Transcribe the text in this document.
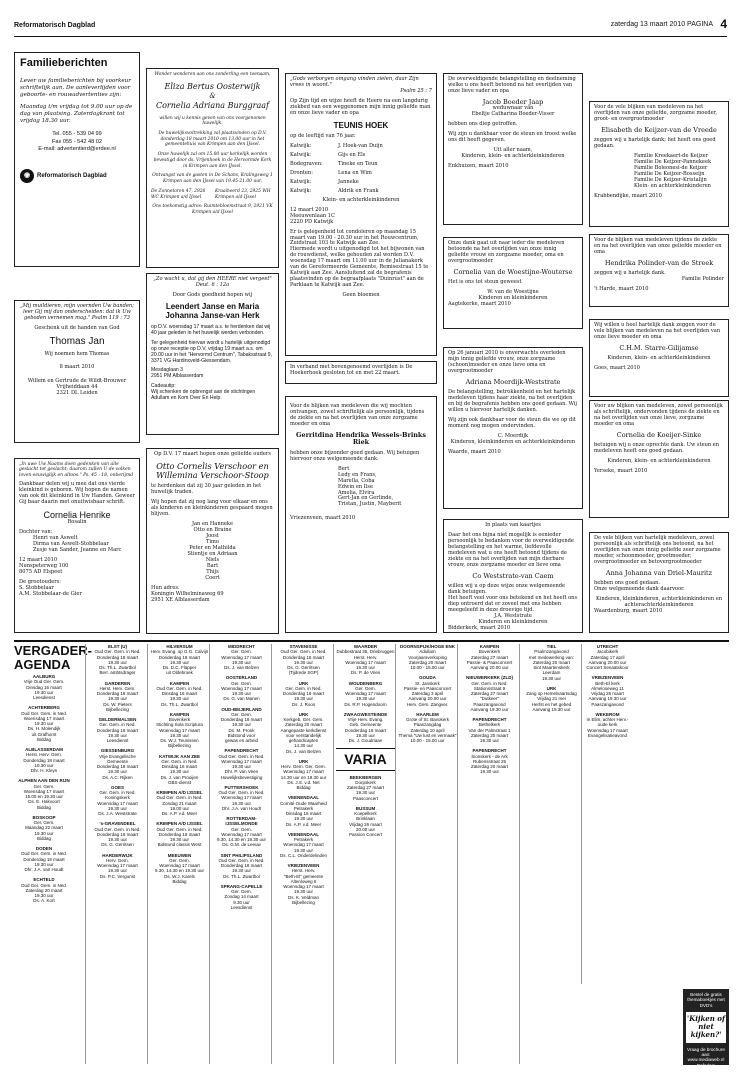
Reformatorisch Dagblad	zaterdag 13 maart 2010 PAGINA 4
Familieberichten

Lever uw familieberichten bij voorkeur schriftelijk aan. De aanleverlijden voor geboorte- en rouwadvertenties zijn:

Maandag t/m vrijdag tot 9.00 uur op de dag van plaatsing. Zaterdagkrant tot vrijdag 18.30 uur.

Tel. 055 - 539 04 99

Fax 055 - 542 48 02

E-mail: advertentierd@erdee.nl

◉	Reformatorisch Dagblad

Wonder wonderen aan ons zonderling een toenaam,

Eliza Bertus Oosterwijk

&

Cornelia Adriana Burggraaf

willen wij u kennis geven van ons voorgenomen huwelijk.

De huwelijksvoltrekking zal plaatsvinden op D.V. donderdag 18 maart 2010 om 13.00 uur in het gemeentehuis van Krimpen aan den IJssel.

Onze huwelijk zal om 15.00 uur kerkelijk worden bevestigd door ds. Vrijenhoek in de Hervormde Kerk in Krimpen aan den IJssel.

Ontvangst van de gasten in De Schans, Kralingsweg 1 Krimpen aan den IJssel van 19.45-21.00 uur.

De Zonnetoren 47, 2926 WC Krimpen a/d IJssel

Kraaiheerd 23, 2925 WH Krimpen a/d IJssel

Ons toekomstig adres: Ruimtebloemstraat 9, 2921 VK Krimpen a/d IJssel

„Zo wacht u, dat gij den HEERE niet vergeet" Deut. 6 : 12a

Door Gods goedheid hopen wij

Leendert Janse en Maria Johanna Janse-van Herk

op D.V. woensdag 17 maart a.s. te herdenken dat wij 40 jaar geleden in het huwelijk werden verbonden.

Ter gelegenheid hiervan wordt u hartelijk uitgenodigd op onze receptie op D.V. vrijdag 19 maart a.s. om 20.00 uur in het "Hervormd Centrum", Tabaksstraat 9, 3371 VG Hardinxveld-Giessendam.

Mesdaglaan 3
2951 PM Alblasserdam

Cadeautip:

Wij schenken de opbrengst aan de stichtingen Adullam en Kom Over En Help.

„Mij muildieren, mijn voernden Uw banden; leer Gij mij dan onderscheiden: dat ik Uw geboden vernemen mag." Psalm 119 : 73

Geschenk uit de handen van God

Thomas Jan

Wij noemen hem Thomas

8 maart 2010

Willem en Gertrude de Wildt-Brouwer

Vrijheiddaan 44
2321 DL Leiden

„In uwe Uw Naams doen gedenken van alle geslacht tot geslacht; daarom zullen U de volken loven eeuwiglijk en altoos." Ps. 45 : 18, onberijmd

Dankbaar delen wij u mee dat ons vierde kleinkind is geboren. Wij hopen de namen van ook dit kleinkind in Uw Handen. Geweer Gij baar daarin met onuitwisbaar schrift.

Cornelia Henrike

Rosalin

Dochter van:

Henri van Aswelt

Dirma van Aswelt-Stobbelaar

Zusje van Sander, Jeanne en Marc

12 maart 2010

Nunspeterweg 100
8075 AD Elspeet

De grootouders:

S. Stobbelaar

A.M. Stobbelaar-de Gier

Op D.V. 17 maart hopen onze geliefde ouders

Otto Cornelis Verschoor en Willemina Verschoor-Stoop

te herdenken dat zij 30 jaar geleden in het huwelijk traden.

Wij hopen dat zij nog lang voor elkaar en ons als kinderen en kleinkinderen gespaard mogen blijven.

Jan en Hanneke

Otto en Braine

Joost

Timo

Peter en Mathilda

Stientje en Adriaan

Niels

Bart

Thijs

Coert

Hun adres:
Koningin Wilhelminaweg 69
2951 XE Alblasserdam

„Gods verborgen omgang vinden zielen, daar Zijn vrees in woont."

Psalm 25 : 7

Op Zijn tijd en wijze heeft de Heere na een langdurig ziekbed van een weggenomen mijn innig geliefde man en onze lieve vader en opa

TEUNIS HOEK

op de leeftijd van 76 jaar.

Katwijk:	J. Hoek-van Duijn
Katwijk:	Gijs en Els
Bodegraven:	Tineke en Teun
Dronten:	Lena en Wim
Katwijk:	Janneke
Katwijk:	Aldrik en Frank

Klein- en achterkleinkinderen

12 maart 2010

Meeuwenlaan 1C
2220 PD Katwijk

Er is gelegenheid tot condoleren op maandag 15 maart van 19.00 - 20.30 uur in het Rouwcentrum, Zuidstraat 103 te Katwijk aan Zee.
Hiermede wordt u uitgenodigd tot het bijwonen van de rouwdienst, welke gehouden zal worden D.V. woensdag 17 maart om 11.00 uur in de Julianakerk van de Gereformeerde Gemeente, Remisestraat 15 te Katwijk aan Zee. Aansluitend zal de begrafenis plaatsvinden op de begraafplaats "Duinrust" aan de Parklaan te Katwijk aan Zee.

Geen bloemen

In verband met bovengenoemd overlijden is De Hoekerhoek gesloten tot en met 22 maart.

Voor de blijken van medeleven die wij mochten ontvangen, zowel schriftelijk als persoonlijk, tijdens de ziekte en na het overlijden van onze zorgzame moeder en oma

Gerritdina Hendrika Wessels-Brinks Riek

hebben onze bijzonder goed gedaan. Wij betuigen hiervoor onze welgemeende dank.

Bert

Ledy en Frans,

Marella, Coba

Edwin en Ilse

Amelia, Elvira

Gert-Jan en Gerlinde,

Tristan, Justin, Mayberit

Vriezenveen, maart 2010

De overweldigende belangstelling en deelneming welke u ons heeft betoond na het overlijden van onze lieve vader en opa

Jacob Boeder Jaap

weduwnaar van

Ebeltje Catharina Boeder-Visser

hebben ons diep getroffen.

Wij zijn u dankbaar voor de steun en troost welke ons dit heeft gegeven.

Uit aller naam,
Kinderen, klein- en achterkleinkinderen

Enkhuizen, maart 2010

Onze dank gaat uit naar ieder die medeleven betoonde na het overlijden van onze innig geliefde vrouw en zorgzame moeder, oma en overgrootmoeder

Cornelia van de Woestijne-Wouterse

Het is ons tot steun geweest

W. van de Woestijne

Kinderen en kleinkinderen

Aagtekerke, maart 2010

Op 26 januari 2010 is onverwachts overleden mijn innig geliefde vrouw, onze zorgzame (schoon)moeder en onze lieve oma en overgrootmoeder

Adriana Moerdijk-Weststrate

De belangstelling, betrokkenheid en het hartelijk medeleven tijdens haar ziekte, na het overlijden en bij de begrafenis hebben ons goed gedaan. Wij willen u hiervoor hartelijk danken.

Wij zijn ook dankbaar voor de steun die we op dit moment nog mogen ondervinden.

C. Moerdijk

Kinderen, kleinkinderen en achterkleinkinderen

Waarde, maart 2010

In plaats van kaartjes

Daar het ons bijna niet mogelijk is eenieder persoonlijk te bedanken voor de overweldigende belangstelling en het warme, liefdevolle medeleven wat u ons heeft betoond tijdens de ziekte en na het overlijden van mijn dierbare vrouw, onze zorgzame moeder en lieve oma

Co Weststrate-van Caem

willen wij u op deze wijze onze welgemeende dank betuigen.

Het heeft veel voor ons betekend en het heeft ons diep ontroerd dat er zoveel met ons hebben meegeleefd in deze droevige tijd.

J.A. Weststrate

Kinderen en kleinkinderen

Bidderkerk, maart 2010

Voor de vele blijken van medeleven na het overlijden van onze geliefde, zorgzame moeder, groot- en overgrootmoeder

Elisabeth de Keijzer-van de Vreede

zeggen wij u hartelijk dank; het heeft ons goed gedaan.

Familie Kreekaert-de Keijzer

Familie De Keijzer-Pannekeek

Familie Boleonesi-de Keijzer

Familie De Keijzer-Bosseijn

Familie De Keijzer-Kristalijn

Klein- en achterkleinkinderen

Krabbendijke, maart 2010

Voor de blijken van medeleven tijdens de ziekte en na het overlijden van onze geliefde moeder en oma

Hendrika Polinder-van de Streek

zeggen wij u hartelijk dank.

Familie Polinder

't Harde, maart 2010

Wij willen u heel hartelijk dank zeggen voor de vele blijken van medeleven na het overlijden van onze lieve moeder en oma

C.H.M. Starre-Gilijamse

Kinderen, klein- en achterkleinkinderen

Goes, maart 2010

Voor uw blijken van medeleven, zowel persoonlijk als schriftelijk, ondervonden tijdens de ziekte en na het overlijden van onze lieve, zorgzame moeder en oma

Cornelia de Koeijer-Sinke

betuigen wij u onze oprechte dank. Uw steun en medeleven heeft ons goed gedaan.

Kinderen, klein- en achterkleinkinderen

Yerseke, maart 2010

De vele blijken van hartelijk medeleven, zowel persoonlijk als schriftelijk ons betoond, na het overlijden van onze innig geliefde zeer zorgzame moeder, schoonmoeder, grootmoeder, overgrootmoeder en betovergrootmoeder

Anna Johanna van Driel-Mauritz

hebben ons goed gedaan.
Onze welgemeende dank daarvoor.

Kinderen, kleinkinderen, achterkleinkinderen en achterachterkleinkinderen

Waardenburg, maart 2010

VERGADER-AGENDA
AALBURG
Vrije Oud Ger. Gem.
Dinsdag 16 maart
19.30 uur
Leesdienst
ACHTERBERG
Oud Ger. Gem. in Ned.
Woensdag 17 maart
19.30 uur
Ds. H. Molendijk
uit Grafhorst
Biddag
ALBLASSERDAM
Herst. Herv. Gem.
Donderdag 18 maart
19.30 uur
Dhr. H. Kleyn
ALPHEN AAN DEN RIJN
Ger. Gem.
Woensdag 17 maart
15.00 en 19.30 uur
Ds. E. Hakvoort
Biddag
BOSKOOP
Ger. Gem.
Maandag 22 maart
19.30 uur
Biddag
DODEN
Oud Ger. Gem. in Ned.
Donderdag 18 maart
19.30 uur
Dhr. J.A. van Houdt
ECHTELD
Oud Ger. Gem. in Ned.
Zaterdag 20 maart
19.30 uur
Ds. A. Kort
ELST (U)
Oud Ger. Gem. in Ned.
Donderdag 18 maart
19.30 uur
Ds. Th.L. Zwartbol
Berr. ambtsdrager
GARDEREN
Herst. Herv. Gem.
Donderdag 18 maart
19.30 uur
Ds. W. Pieters
Bijbellezing
GELDERMALSEN
Ger. Gem. in Ned.
Donderdag 18 maart
19.30 uur
Leesdienst
GIESSENBURG
Vrije Evangelische Gemeente
Donderdag 18 maart
19.30 uur
Ds. A.C. Rijken
GOES
Ger. Gem. in Ned.
Koningskerk
Woensdag 17 maart
19.30 uur
Ds. J.A. Weststrate
's-GRAVENDEEL
Oud Ger. Gem. in Ned.
Donderdag 18 maart
19.30 uur
Ds. G. Gerritsen
HARDERWIJK
Herv. Gem.
Woensdag 17 maart
19.30 uur
Ds. P.C. Vergunst
HILVERSUM
Herv. Evang. op G.G. Calvijn
Donderdag 18 maart
19.30 uur
Ds. D.C. Flapper
uit Oldebroek
KAMPEN
Oud Ger. Gem. in Ned.
Dinsdag 16 maart
19.30 uur
Ds. Th.L. Zwartbol
KAMPEN
Bovenkerk
Stichting Sola Scriptura
Woensdag 17 maart
19.30 uur
Ds. W.J. Teunissen
Bijbellezing
KATWIJK AAN ZEE
Ger. Gem. in Ned.
Dinsdag 16 maart
19.30 uur
Ds. J. van Prooijen
GBS-dienst
KRIMPEN A/D IJSSEL
Oud Ger. Gem. in Ned.
Zondag 21 maart
19.00 uur
Ds. A.P. v.d. Meer
KRIMPEN A/D IJSSEL
Oud Ger. Gem. in Ned.
Donderdag 18 maart
19.30 uur
Bidstond classis West
MEEUWEN
Ger. Gem.
Woensdag 17 maart
9.30, 14.30 en 19.30 uur
Ds. W.J. Karels
Biddag
MIDDRECHT
Ger. Gem.
Woensdag 17 maart
19.30 uur
Ds. J. van Belzen
OOSTERLAND
Ger. Gem.
Woensdag 17 maart
19.30 uur
Ds. G. van Manen
OUD-BEIJERLAND
Ger. Gem.
Donderdag 18 maart
19.30 uur
Ds. M. Pronk
Bidstond voor
gewas en arbeid
PAPENDRECHT
Oud Ger. Gem. in Ned.
Woensdag 17 maart
19.30 uur
Dhr. P. van Veen
Huwelijksbevestiging
PUTTERSHOEK
Oud Ger. Gem. in Ned.
Woensdag 17 maart
19.30 uur
Dhr. J.A. van Houdt
ROTTERDAM-IJSSELMONDE
Ger. Gem.
Woensdag 17 maart
9.30, 14.30 en 19.30 uur
Ds. G.M. de Leeuw
SINT PHILIPSLAND
Oud Ger. Gem. in Ned.
Donderdag 18 maart
19.30 uur
Ds. Th.L. Zwartbol
SPRANG-CAPELLE
Ger. Gem.
Zondag 14 maart
9.30 uur
Leesdienst
STAVENISSE
Oud Ger. Gem. in Ned.
Donderdag 18 maart
19.30 uur
Ds. G. Gerritsen
(Tijdrede SGP)
URK
Ger. Gem. in Ned.
Donderdag 18 maart
19.30 uur
Ds. J. Roos
URK
Kerkgeb. Ger. Gem.
Zaterdag 20 maart
Aangepaste kerkdienst
voor verstandelijk
gehandicapten
14.30 uur
Ds. J. van Belzen
URK
Herv. Gem. Ger. Gem.
Woensdag 17 maart
14.30 uur en 19.30 uur
Ds. J.S. v.d. Net
Biddag
VEENENDAAL
Comité Oude Waarheid
Petrakerk
Dinsdag 16 maart
19.30 uur
Ds. A.P. v.d. Meer
VEENENDAAL
Petrakerk
Woensdag 17 maart
19.30 uur
Ds. C.L. Onderdelinden
VRIEZENVEEN
Herst. Herv.
"Beth-El" gemeente
Altenloweg 6
Woensdag 17 maart
19.30 uur
Ds. K. Veldman
Bijbellezing
WAARDER
Dubbestraat 35, Driebruggen
Herst. Herv.
Woensdag 17 maart
19.30 uur
Ds. P. de Vries
WOUDENBERG
Ger. Gem.
Woensdag 17 maart
19.30 uur
Ds. R.P. Hogendoorn
ZWAAGWESTEINDE
Vrije Herv. Evang.
Geb. Gemeente
Donderdag 18 maart
19.30 uur
Ds. J. Goudriaan
VARIA
BEEKBERGEN
Dorpskerk
Zaterdag 27 maart
19.30 uur
Paasconcert
BUSSUM
Koepelkerk
Brinklaan
Vrijdag 26 maart
20.00 uur
Passion Concert
DOORNSPIJK/HOGE ENK
Adullam
Voorjaarsverkoping
Zaterdag 20 maart
10.00 - 15.00 uur
GOUDA
St. Janskerk
Passie- en Paasconcert
Zaterdag 3 april
Aanvang 20.00 uur
Herv. Gem. Zangver.
HAARLEM
Grote of St. Bavokerk
Paaszangdag
Zaterdag 10 april
Thema "Uw lust en vermaak"
10.00 - 15.00 uur
KAMPEN
Bovenkerk
Zaterdag 27 maart
Passie- & Paasconcert
Aanvang 20.00 uur
NIEUWERKERK (ZLD)
Ger. Gem. in Ned.
Stationsstraat 9
Zaterdag 27 maart
"Dutkeer"
Paaszangavond
Aanvang 19.30 uur
PAPENDRECHT
Bethelkerk
Van der Palmstraat 1
Zaterdag 20 maart
19.30 uur
PAPENDRECHT
Sionskerk - de Ark
Rubensstraat 25
Zaterdag 20 maart
19.30 uur
TIEL
Psalmzangavond
met medewerking van:
Zaterdag 20 maart
Sint Maartenskerk
Leerdam
19.30 uur
URK
Zang op Hemelvaartsdag
Vrijdag 21 mei
Herfst en het gebed
Aanvang 19.30 uur
UTRECHT
Jacobikerk
Zaterdag 17 april
Aanvang 20.00 uur
Concert Senaatskoor
VRIEZENVEEN
Beth-El kerk
Almeloseweg 11
Vrijdag 26 maart
Aanvang 19.30 uur
Paaszangavond
WEKEROM
In Elim, achter Herv.-oude kerk
Woensdag 17 maart
Evangelisatieavond

Bestel de gratis themaboekjes met DVD's

'Kijken of niet kijken?'

Vraag de brochure aan:
www.mediaweb.nl
Refodom
7500 AP Apeldoorn
